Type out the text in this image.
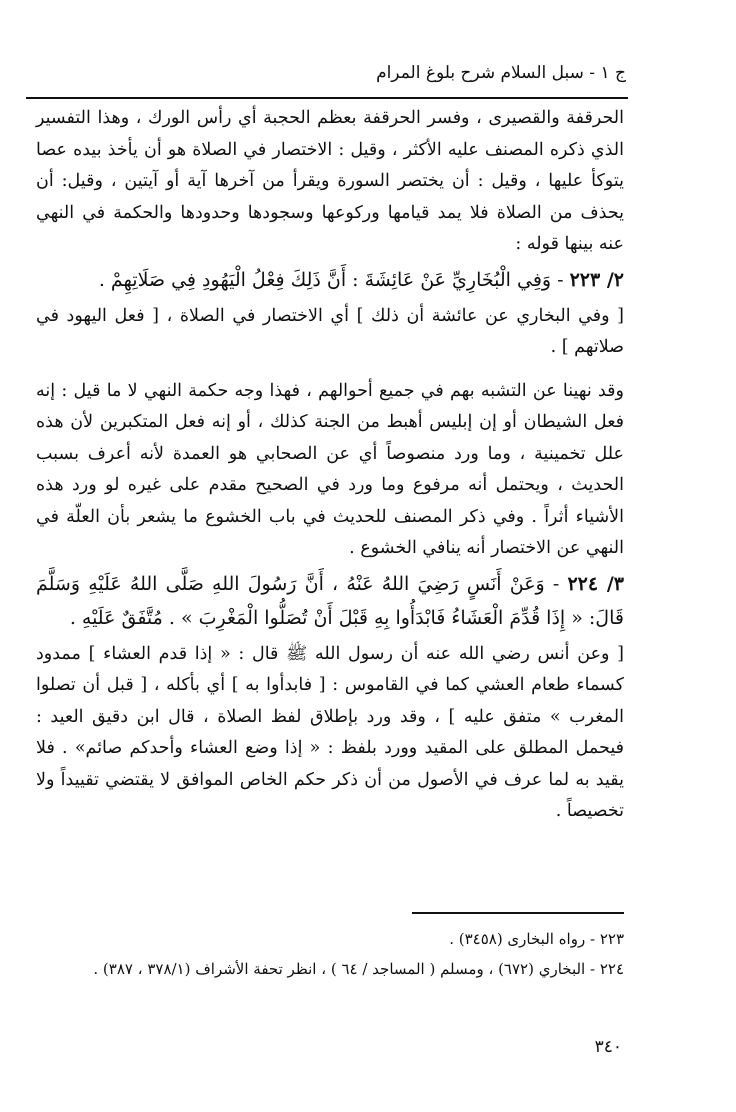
ج ١ - سبل السلام شرح بلوغ المرام

الحرقفة والقصيرى ، وفسر الحرقفة بعظم الحجبة أي رأس الورك ، وهذا التفسير الذي ذكره المصنف عليه الأكثر ، وقيل : الاختصار في الصلاة هو أن يأخذ بيده عصا يتوكأ عليها ، وقيل : أن يختصر السورة ويقرأ من آخرها آية أو آيتين ، وقيل: أن يحذف من الصلاة فلا يمد قيامها وركوعها وسجودها وحدودها والحكمة في النهي عنه بينها قوله :

٢/ ٢٢٣ - وَفِي الْبُخَارِيِّ عَنْ عَائِشَةَ : أَنَّ ذَلِكَ فِعْلُ الْيَهُودِ فِي صَلَاتِهِمْ .

[ وفي البخاري عن عائشة أن ذلك ] أي الاختصار في الصلاة ، [ فعل اليهود في صلاتهم ] .

وقد نهينا عن التشبه بهم في جميع أحوالهم ، فهذا وجه حكمة النهي لا ما قيل : إنه فعل الشيطان أو إن إبليس أهبط من الجنة كذلك ، أو إنه فعل المتكبرين لأن هذه علل تخمينية ، وما ورد منصوصاً أي عن الصحابي هو العمدة لأنه أعرف بسبب الحديث ، ويحتمل أنه مرفوع وما ورد في الصحيح مقدم على غيره لو ورد هذه الأشياء أثراً . وفي ذكر المصنف للحديث في باب الخشوع ما يشعر بأن العلّة في النهي عن الاختصار أنه ينافي الخشوع .

٣/ ٢٢٤ - وَعَنْ أَنَسٍ رَضِيَ اللهُ عَنْهُ ، أَنَّ رَسُولَ اللهِ صَلَّى اللهُ عَلَيْهِ وَسَلَّمَ قَالَ: « إِذَا قُدِّمَ الْعَشَاءُ فَابْدَأُوا بِهِ قَبْلَ أَنْ تُصَلُّوا الْمَغْرِبَ » . مُتَّفَقٌ عَلَيْهِ .

[ وعن أنس رضي الله عنه أن رسول الله ﷺ قال : « إذا قدم العشاء ] ممدود كسماء طعام العشي كما في القاموس : [ فابدأوا به ] أي بأكله ، [ قبل أن تصلوا المغرب » متفق عليه ] ، وقد ورد بإطلاق لفظ الصلاة ، قال ابن دقيق العيد : فيحمل المطلق على المقيد وورد بلفظ : « إذا وضع العشاء وأحدكم صائم» . فلا يقيد به لما عرف في الأصول من أن ذكر حكم الخاص الموافق لا يقتضي تقييداً ولا تخصيصاً .

٢٢٣ - رواه البخارى (٣٤٥٨) .

٢٢٤ - البخاري (٦٧٢) ، ومسلم ( المساجد / ٦٤ ) ، انظر تحفة الأشراف (٣٧٨/١ ، ٣٨٧) .

٣٤٠
